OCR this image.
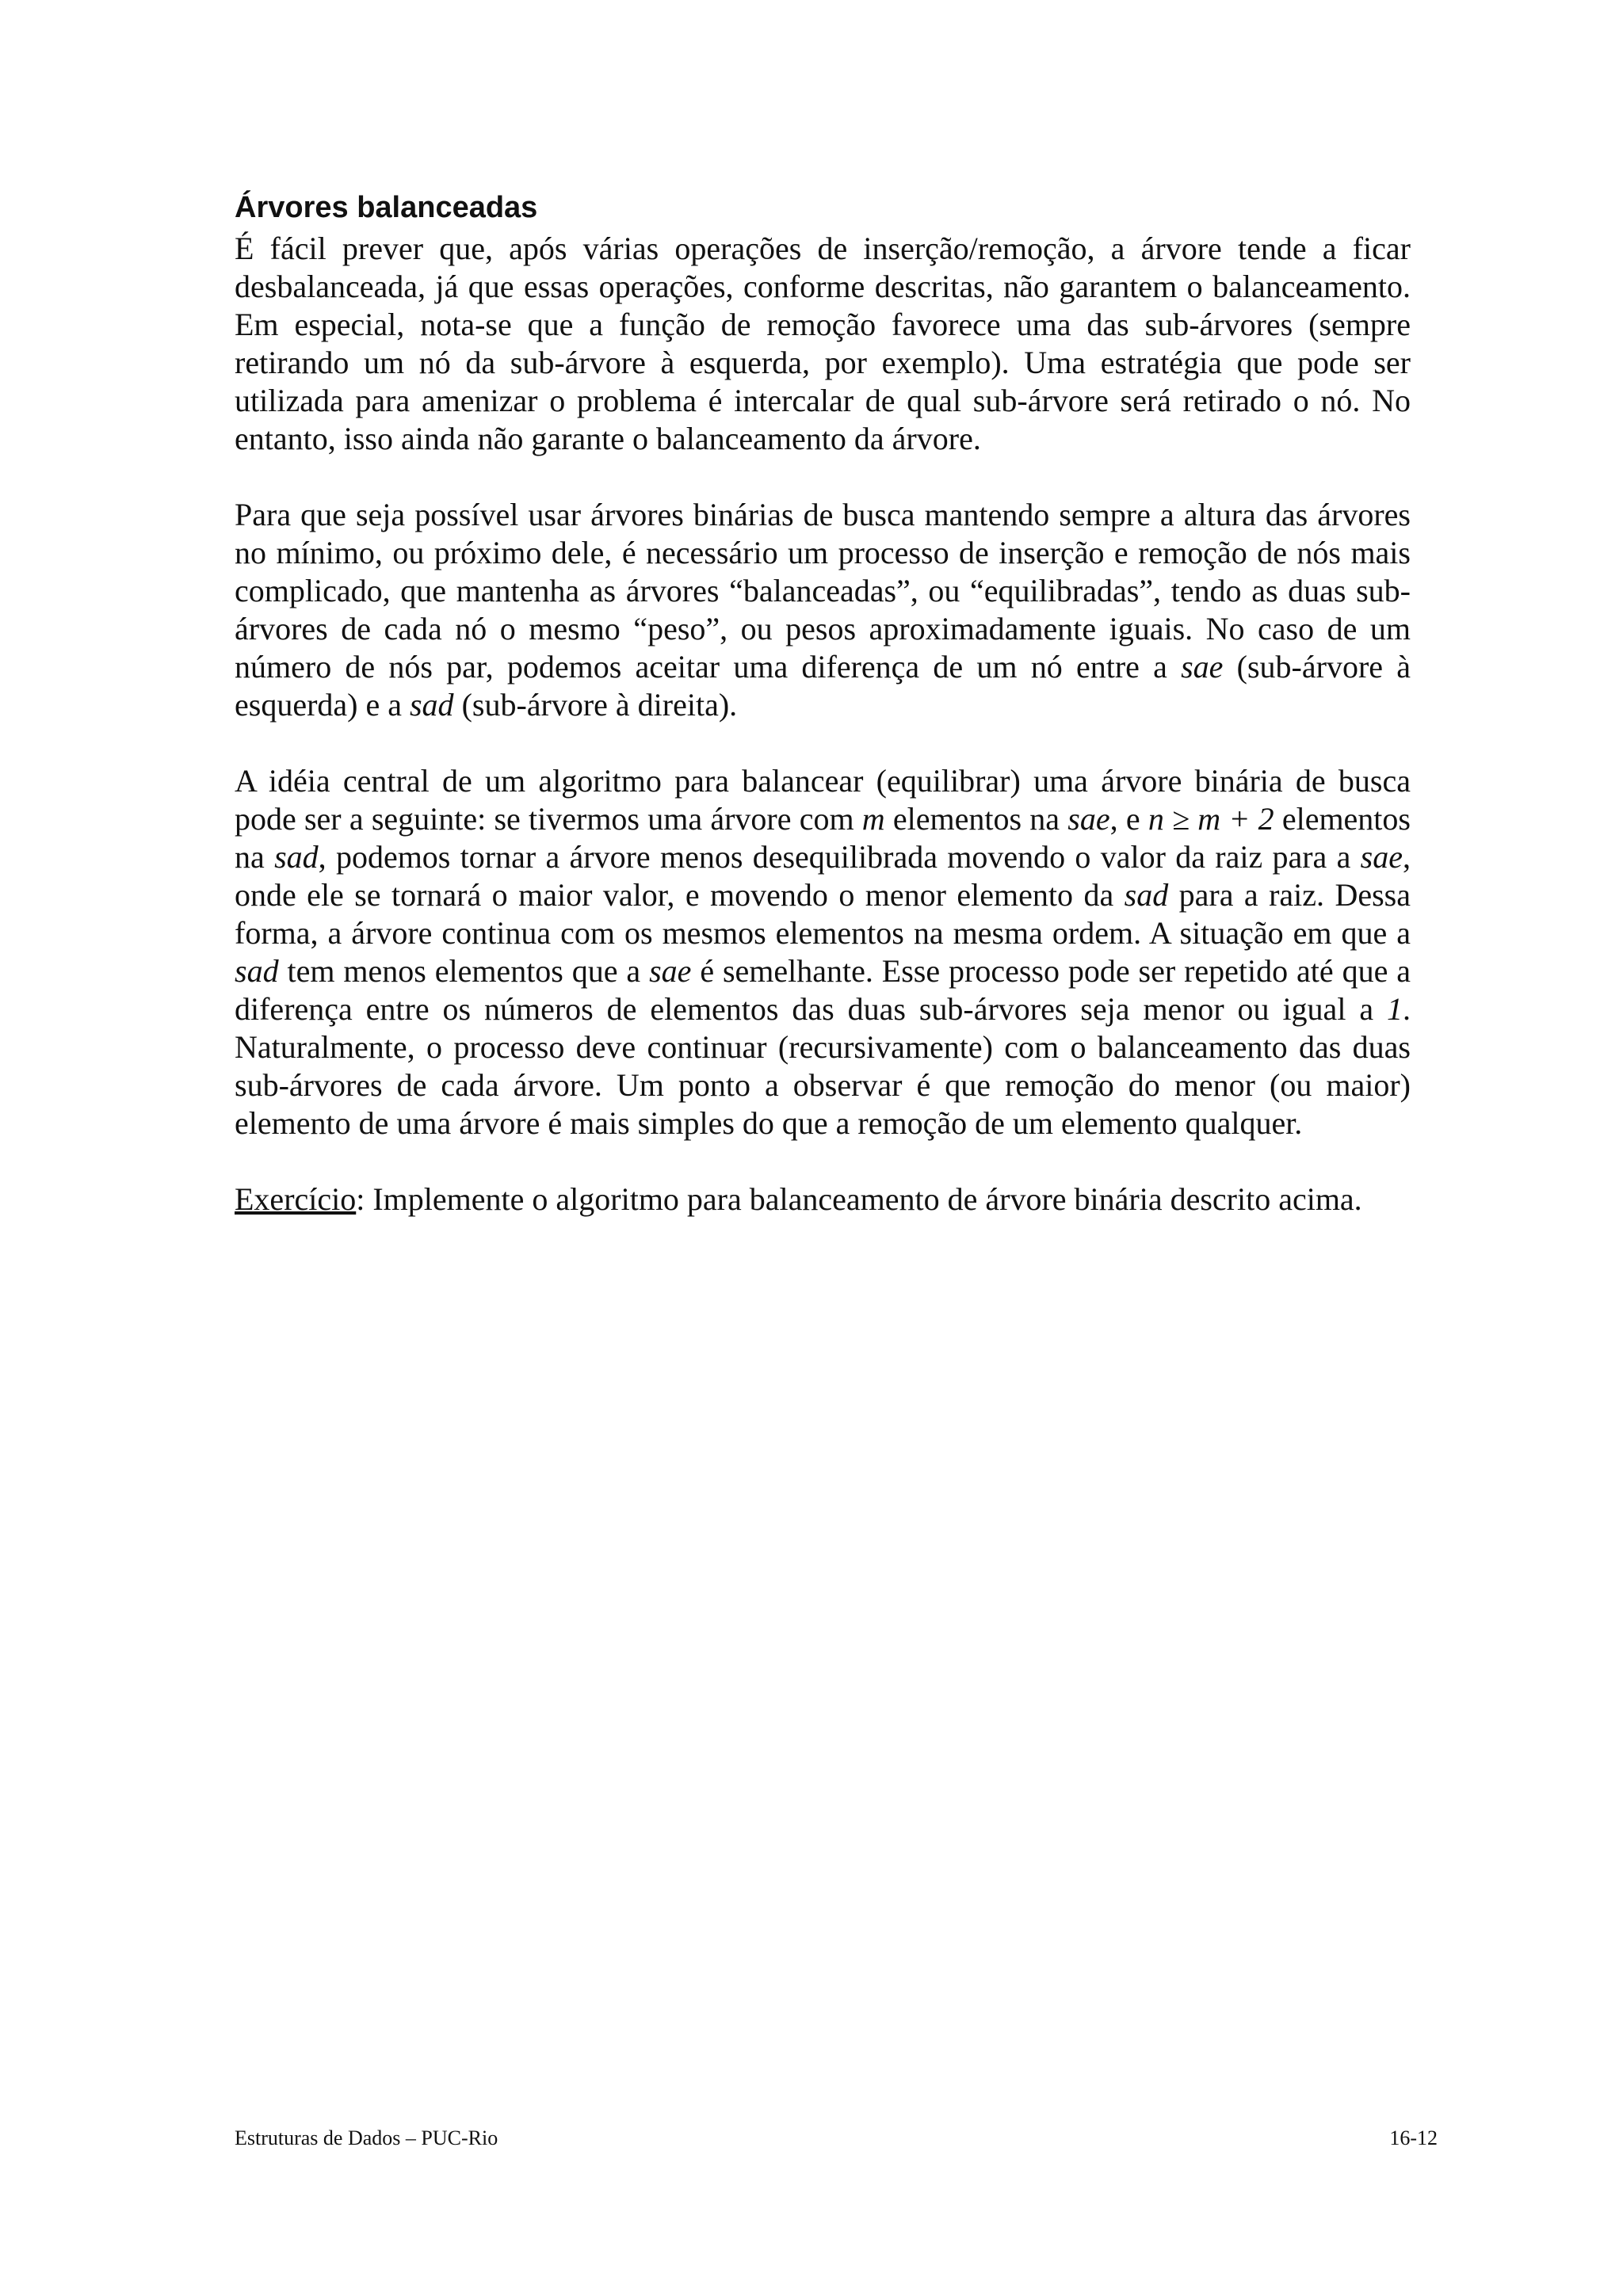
Árvores balanceadas

É fácil prever que, após várias operações de inserção/remoção, a árvore tende a ficar desbalanceada, já que essas operações, conforme descritas, não garantem o balanceamento. Em especial, nota-se que a função de remoção favorece uma das sub-árvores (sempre retirando um nó da sub-árvore à esquerda, por exemplo). Uma estratégia que pode ser utilizada para amenizar o problema é intercalar de qual sub-árvore será retirado o nó. No entanto, isso ainda não garante o balanceamento da árvore.

Para que seja possível usar árvores binárias de busca mantendo sempre a altura das árvores no mínimo, ou próximo dele, é necessário um processo de inserção e remoção de nós mais complicado, que mantenha as árvores “balanceadas”, ou “equilibradas”, tendo as duas sub-árvores de cada nó o mesmo “peso”, ou pesos aproximadamente iguais. No caso de um número de nós par, podemos aceitar uma diferença de um nó entre a sae (sub-árvore à esquerda) e a sad (sub-árvore à direita).

A idéia central de um algoritmo para balancear (equilibrar) uma árvore binária de busca pode ser a seguinte: se tivermos uma árvore com m elementos na sae, e n ≥ m + 2 elementos na sad, podemos tornar a árvore menos desequilibrada movendo o valor da raiz para a sae, onde ele se tornará o maior valor, e movendo o menor elemento da sad para a raiz. Dessa forma, a árvore continua com os mesmos elementos na mesma ordem. A situação em que a sad tem menos elementos que a sae é semelhante. Esse processo pode ser repetido até que a diferença entre os números de elementos das duas sub-árvores seja menor ou igual a 1. Naturalmente, o processo deve continuar (recursivamente) com o balanceamento das duas sub-árvores de cada árvore. Um ponto a observar é que remoção do menor (ou maior) elemento de uma árvore é mais simples do que a remoção de um elemento qualquer.

Exercício: Implemente o algoritmo para balanceamento de árvore binária descrito acima.

Estruturas de Dados – PUC-Rio	16-12
